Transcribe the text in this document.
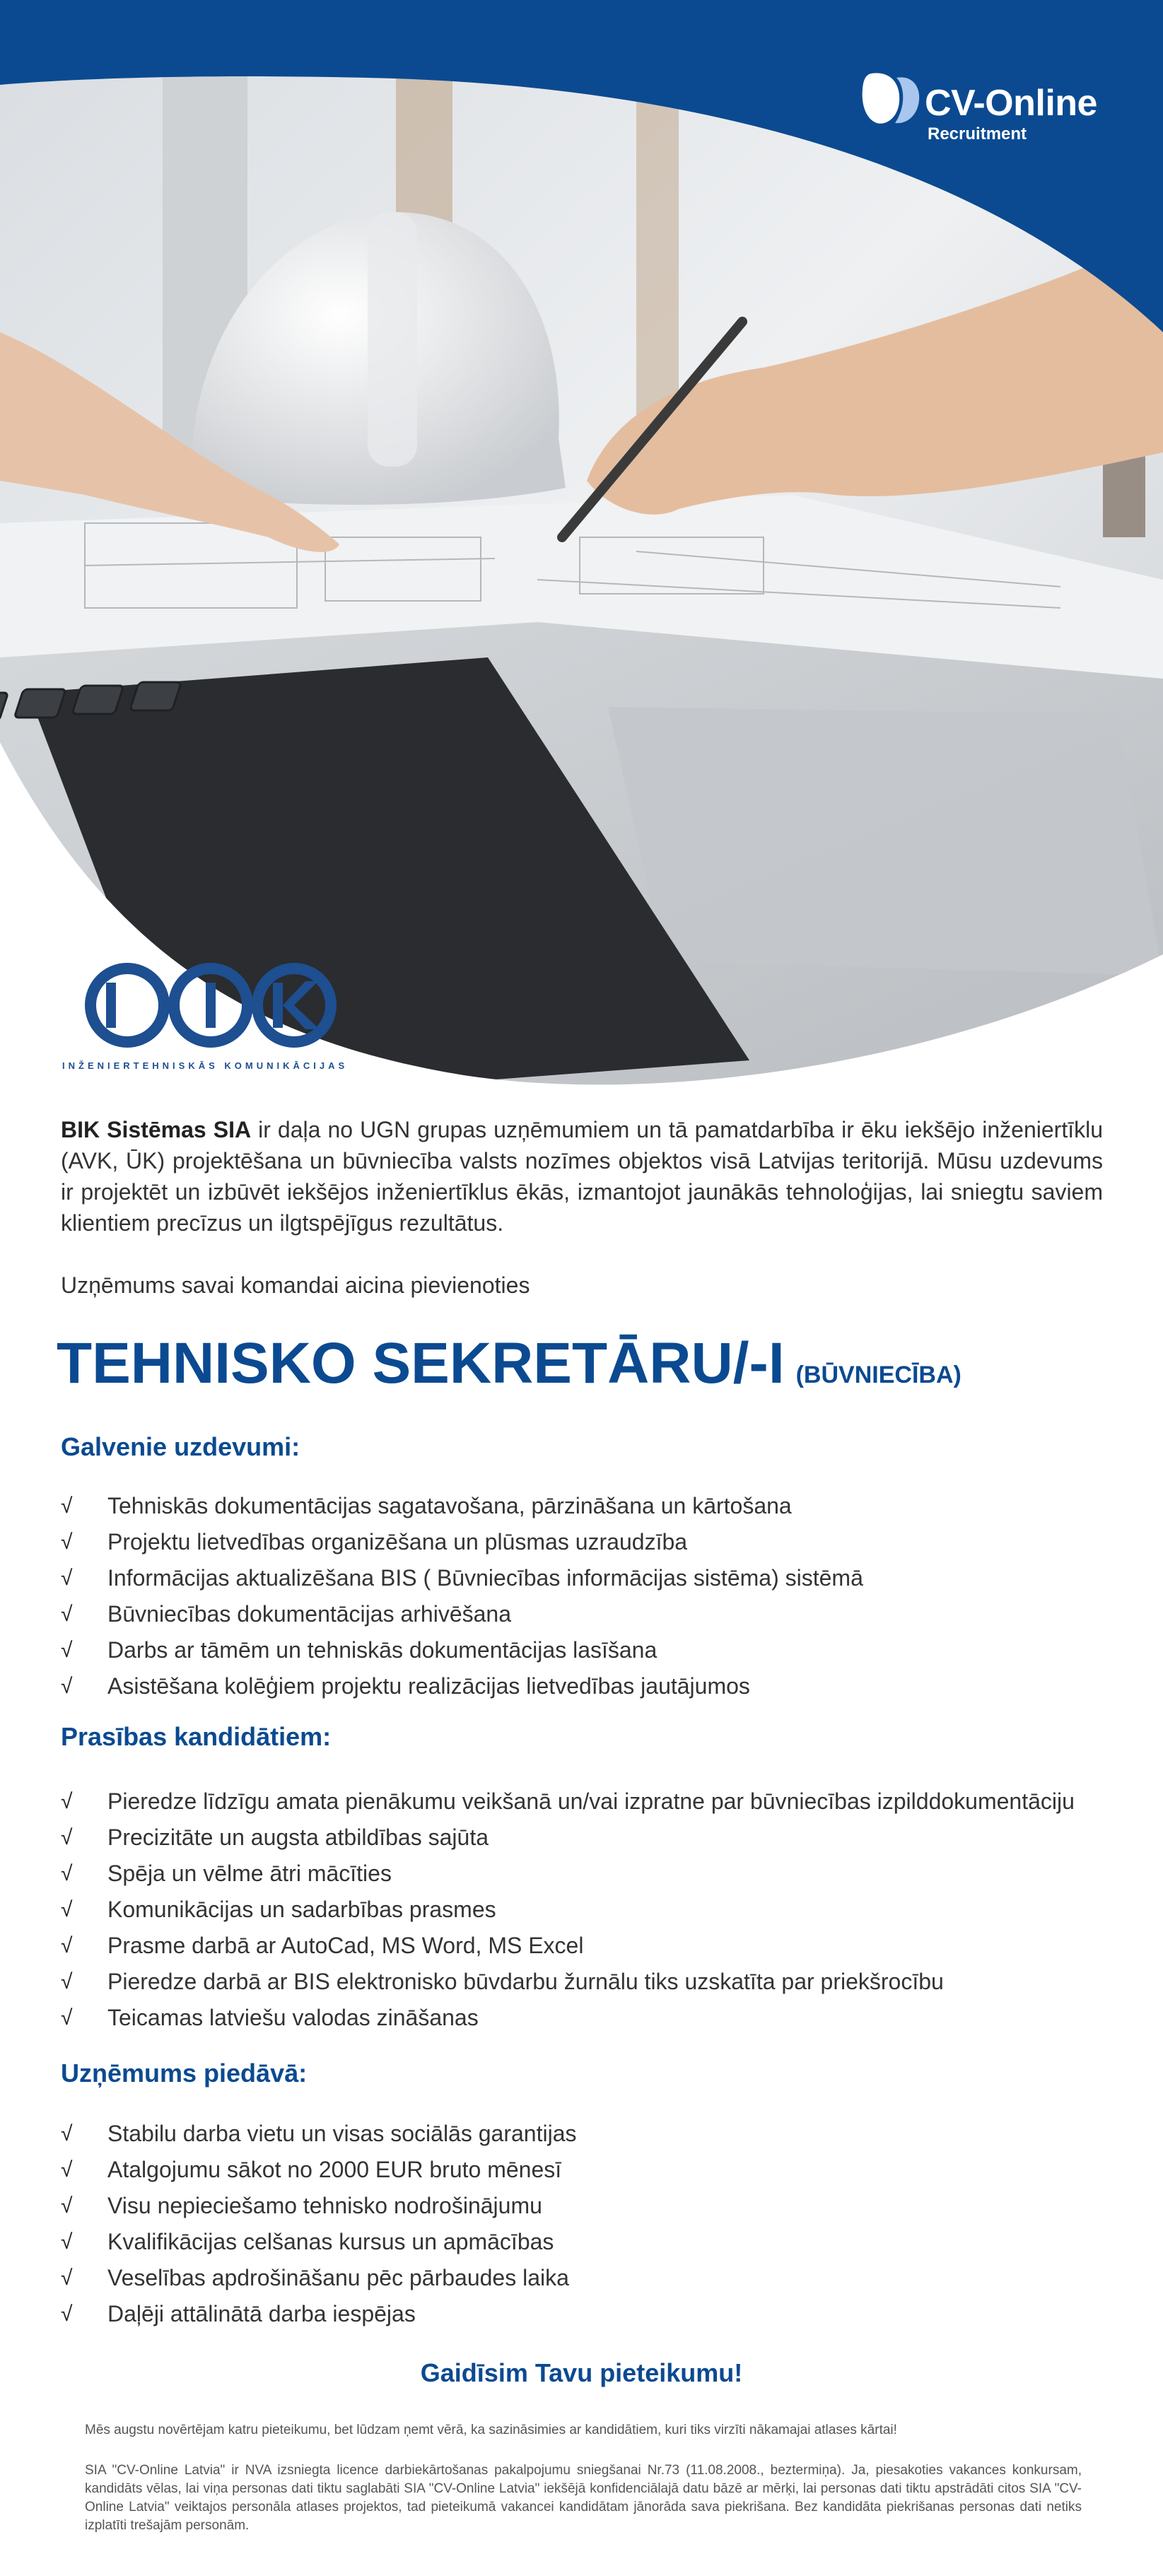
CV-Online
Recruitment
INŽENIERTEHNISKĀS KOMUNIKĀCIJAS
BIK Sistēmas SIA ir daļa no UGN grupas uzņēmumiem un tā pamatdarbība ir ēku iekšējo inženiertīklu (AVK, ŪK) projektēšana un būvniecība valsts nozīmes objektos visā Latvijas teritorijā. Mūsu uzdevums ir projektēt un izbūvēt iekšējos inženiertīklus ēkās, izmantojot jaunākās tehnoloģijas, lai sniegtu saviem klientiem precīzus un ilgtspējīgus rezultātus.
Uzņēmums savai komandai aicina pievienoties
TEHNISKO SEKRETĀRU/-I (BŪVNIECĪBA)
Galvenie uzdevumi:
√ Tehniskās dokumentācijas sagatavošana, pārzināšana un kārtošana
√ Projektu lietvedības organizēšana un plūsmas uzraudzība
√ Informācijas aktualizēšana BIS ( Būvniecības informācijas sistēma) sistēmā
√ Būvniecības dokumentācijas arhivēšana
√ Darbs ar tāmēm un tehniskās dokumentācijas lasīšana
√ Asistēšana kolēģiem projektu realizācijas lietvedības jautājumos
Prasības kandidātiem:
√ Pieredze līdzīgu amata pienākumu veikšanā un/vai izpratne par būvniecības izpilddokumentāciju
√ Precizitāte un augsta atbildības sajūta
√ Spēja un vēlme ātri mācīties
√ Komunikācijas un sadarbības prasmes
√ Prasme darbā ar AutoCad, MS Word, MS Excel
√ Pieredze darbā ar BIS elektronisko būvdarbu žurnālu tiks uzskatīta par priekšrocību
√ Teicamas latviešu valodas zināšanas
Uzņēmums piedāvā:
√ Stabilu darba vietu un visas sociālās garantijas
√ Atalgojumu sākot no 2000 EUR bruto mēnesī
√ Visu nepieciešamo tehnisko nodrošinājumu
√ Kvalifikācijas celšanas kursus un apmācības
√ Veselības apdrošināšanu pēc pārbaudes laika
√ Daļēji attālinātā darba iespējas
Gaidīsim Tavu pieteikumu!
Mēs augstu novērtējam katru pieteikumu, bet lūdzam ņemt vērā, ka sazināsimies ar kandidātiem, kuri tiks virzīti nākamajai atlases kārtai!
SIA "CV-Online Latvia" ir NVA izsniegta licence darbiekārtošanas pakalpojumu sniegšanai Nr.73 (11.08.2008., beztermiņa). Ja, piesakoties vakances konkursam, kandidāts vēlas, lai viņa personas dati tiktu saglabāti SIA "CV-Online Latvia" iekšējā konfidenciālajā datu bāzē ar mērķi, lai personas dati tiktu apstrādāti citos SIA "CV-Online Latvia" veiktajos personāla atlases projektos, tad pieteikumā vakancei kandidātam jānorāda sava piekrišana. Bez kandidāta piekrišanas personas dati netiks izplatīti trešajām personām.
